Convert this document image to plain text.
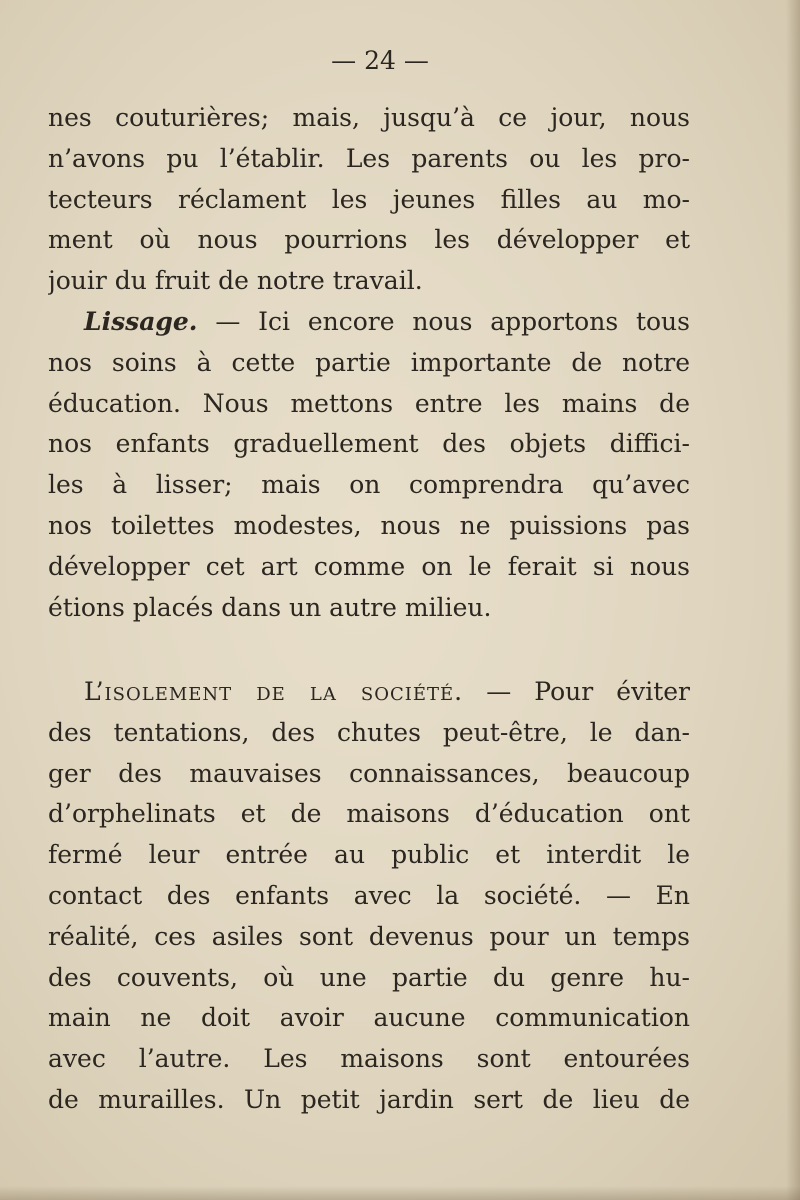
— 24 —
nes couturières; mais, jusqu’à ce jour, nous
n’avons pu l’établir. Les parents ou les pro-
tecteurs réclament les jeunes filles au mo-
ment où nous pourrions les développer et
jouir du fruit de notre travail.
Lissage. — Ici encore nous apportons tous
nos soins à cette partie importante de notre
éducation. Nous mettons entre les mains de
nos enfants graduellement des objets diffici-
les à lisser; mais on comprendra qu’avec
nos toilettes modestes, nous ne puissions pas
développer cet art comme on le ferait si nous
étions placés dans un autre milieu.
L’isolement de la société. — Pour éviter
des tentations, des chutes peut-être, le dan-
ger des mauvaises connaissances, beaucoup
d’orphelinats et de maisons d’éducation ont
fermé leur entrée au public et interdit le
contact des enfants avec la société. — En
réalité, ces asiles sont devenus pour un temps
des couvents, où une partie du genre hu-
main ne doit avoir aucune communication
avec l’autre. Les maisons sont entourées
de murailles. Un petit jardin sert de lieu de
